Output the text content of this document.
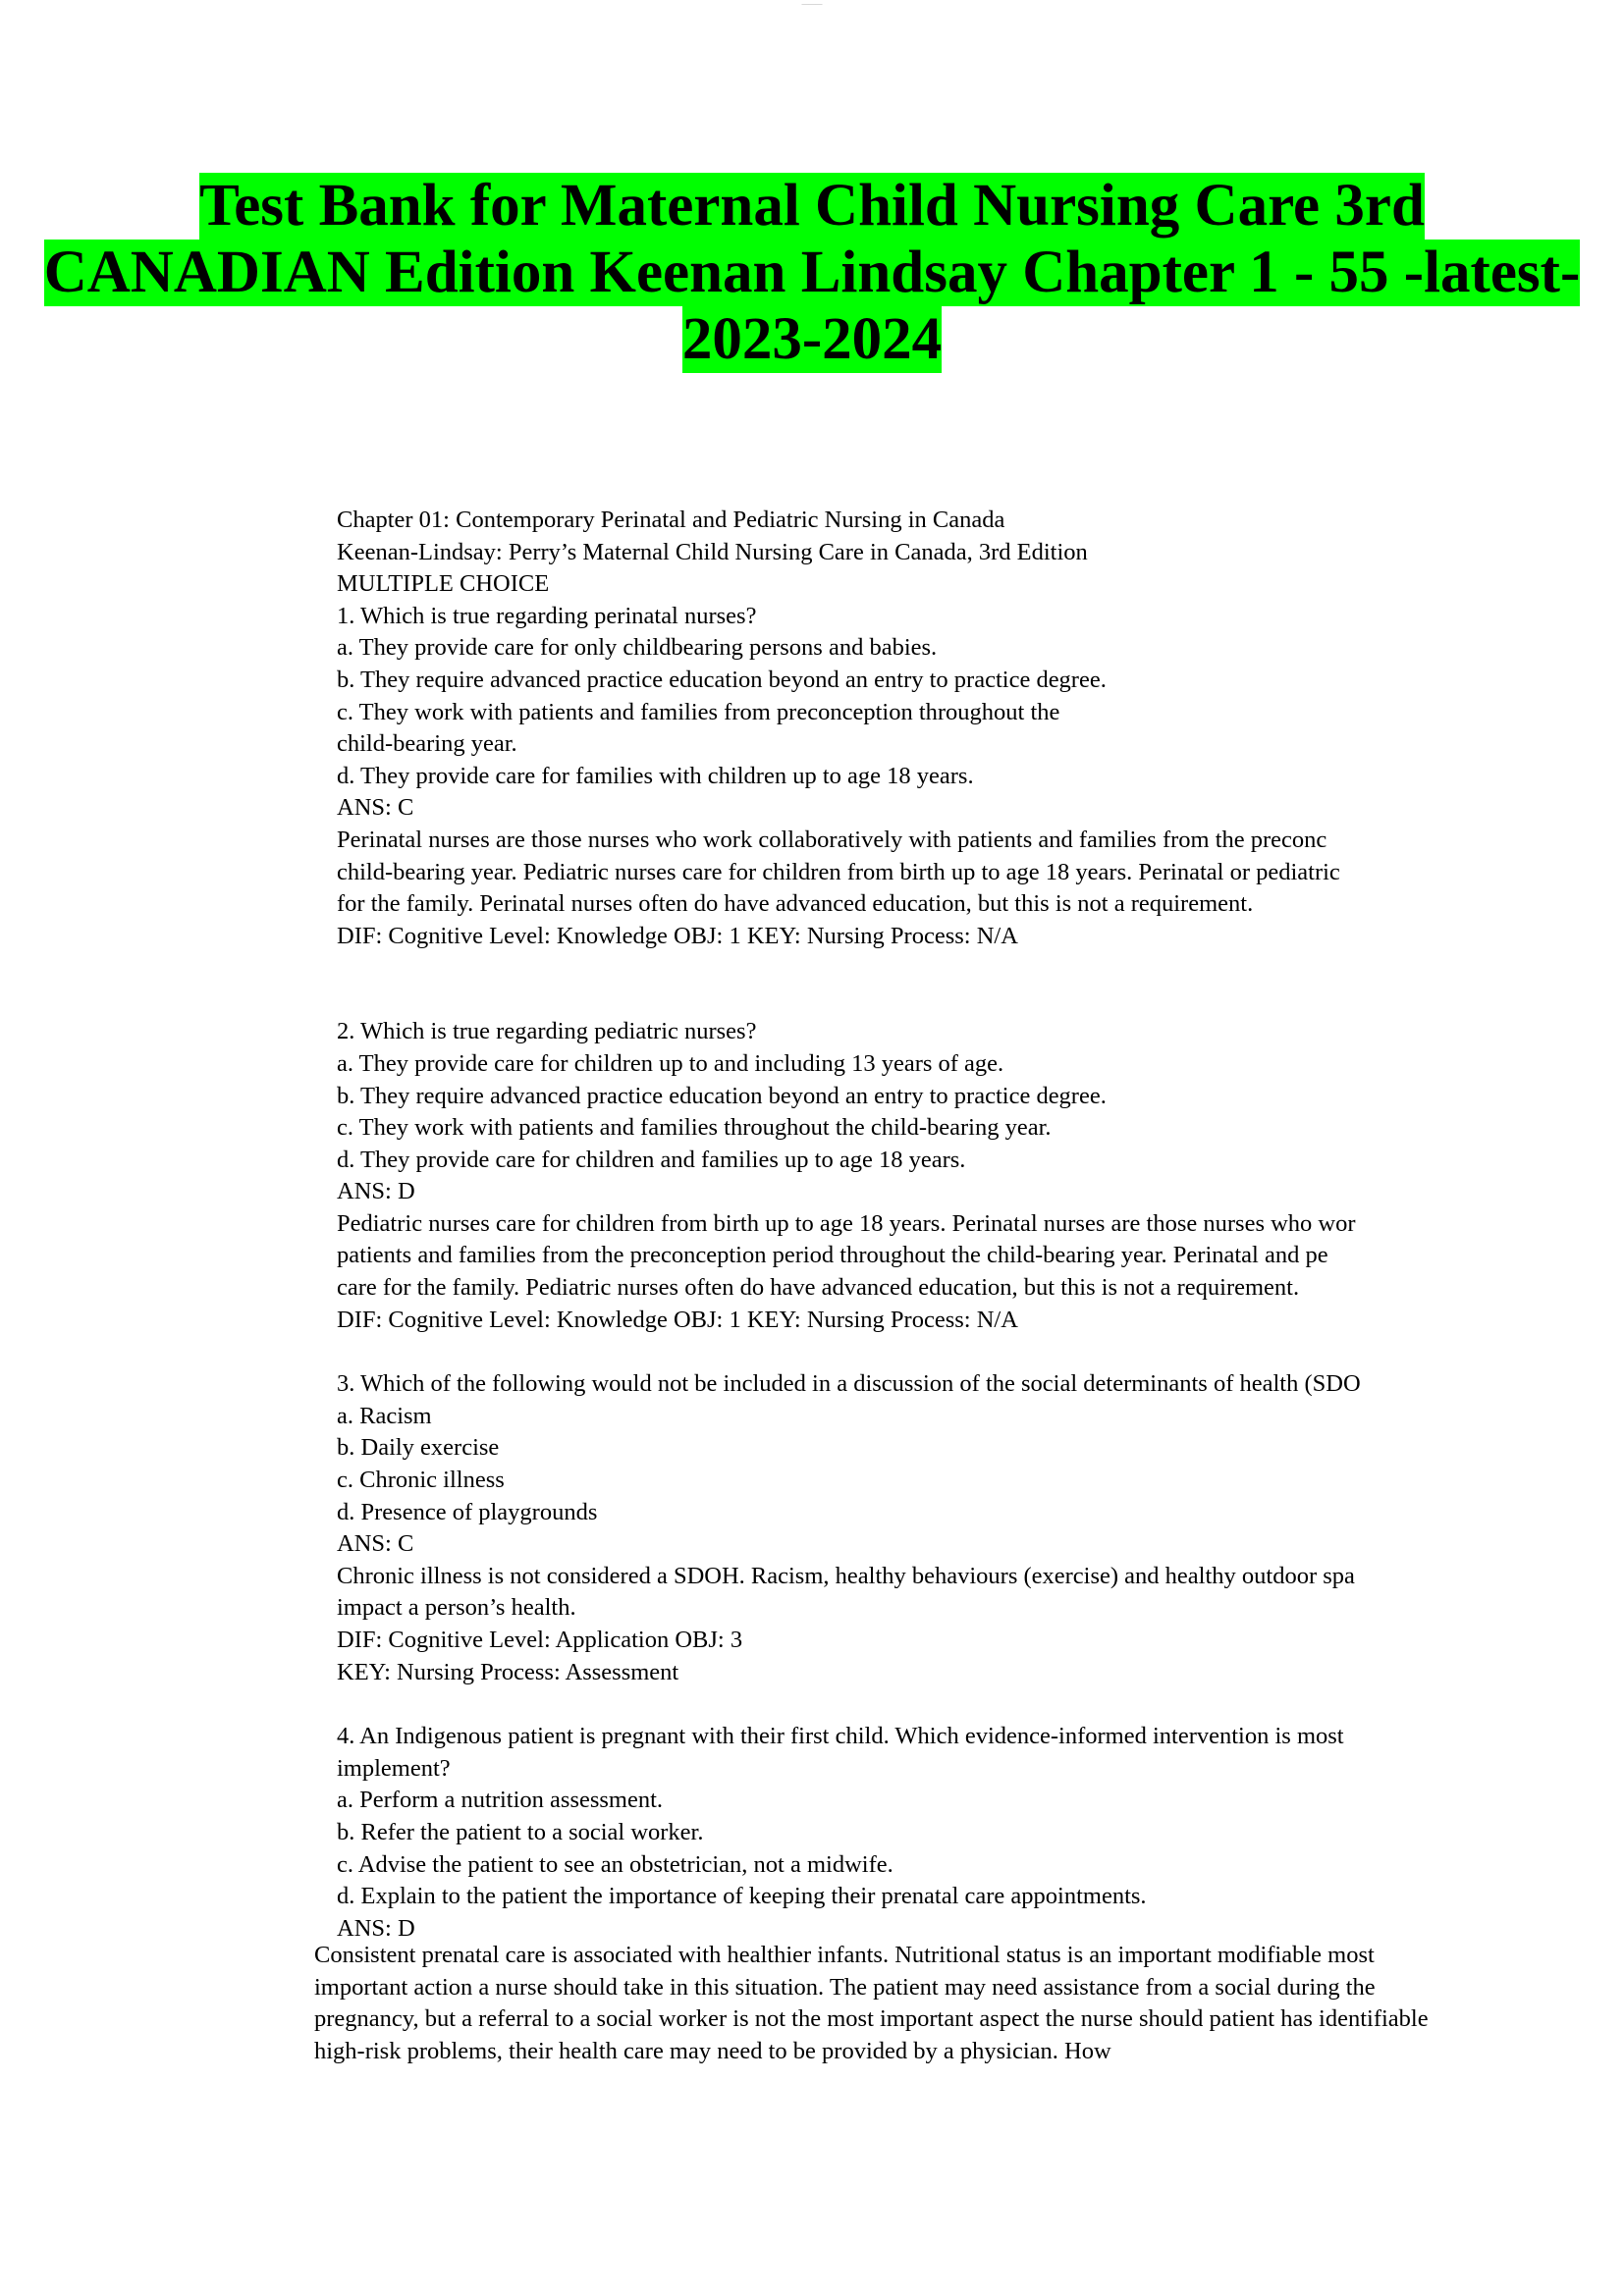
———
Test Bank for Maternal Child Nursing Care 3rd
CANADIAN Edition Keenan Lindsay Chapter 1 - 55 -latest-
2023-2024
Chapter 01: Contemporary Perinatal and Pediatric Nursing in Canada
Keenan-Lindsay: Perry’s Maternal Child Nursing Care in Canada, 3rd Edition
MULTIPLE CHOICE
1. Which is true regarding perinatal nurses?
a. They provide care for only childbearing persons and babies.
b. They require advanced practice education beyond an entry to practice degree.
c. They work with patients and families from preconception throughout the
child-bearing year.
d. They provide care for families with children up to age 18 years.
ANS: C
Perinatal nurses are those nurses who work collaboratively with patients and families from the preconc
child-bearing year. Pediatric nurses care for children from birth up to age 18 years. Perinatal or pediatric
for the family. Perinatal nurses often do have advanced education, but this is not a requirement.
DIF: Cognitive Level: Knowledge OBJ: 1 KEY: Nursing Process: N/A
2. Which is true regarding pediatric nurses?
a. They provide care for children up to and including 13 years of age.
b. They require advanced practice education beyond an entry to practice degree.
c. They work with patients and families throughout the child-bearing year.
d. They provide care for children and families up to age 18 years.
ANS: D
Pediatric nurses care for children from birth up to age 18 years. Perinatal nurses are those nurses who wor
patients and families from the preconception period throughout the child-bearing year. Perinatal and pe
care for the family. Pediatric nurses often do have advanced education, but this is not a requirement.
DIF: Cognitive Level: Knowledge OBJ: 1 KEY: Nursing Process: N/A
3. Which of the following would not be included in a discussion of the social determinants of health (SDO
a. Racism
b. Daily exercise
c. Chronic illness
d. Presence of playgrounds
ANS: C
Chronic illness is not considered a SDOH. Racism, healthy behaviours (exercise) and healthy outdoor spa
impact a person’s health.
DIF: Cognitive Level: Application OBJ: 3
KEY: Nursing Process: Assessment
4. An Indigenous patient is pregnant with their first child. Which evidence-informed intervention is most
implement?
a. Perform a nutrition assessment.
b. Refer the patient to a social worker.
c. Advise the patient to see an obstetrician, not a midwife.
d. Explain to the patient the importance of keeping their prenatal care appointments.
ANS: D
Consistent prenatal care is associated with healthier infants. Nutritional status is an important modifiable most
important action a nurse should take in this situation. The patient may need assistance from a social during the
pregnancy, but a referral to a social worker is not the most important aspect the nurse should patient has identifiable
high-risk problems, their health care may need to be provided by a physician. How
